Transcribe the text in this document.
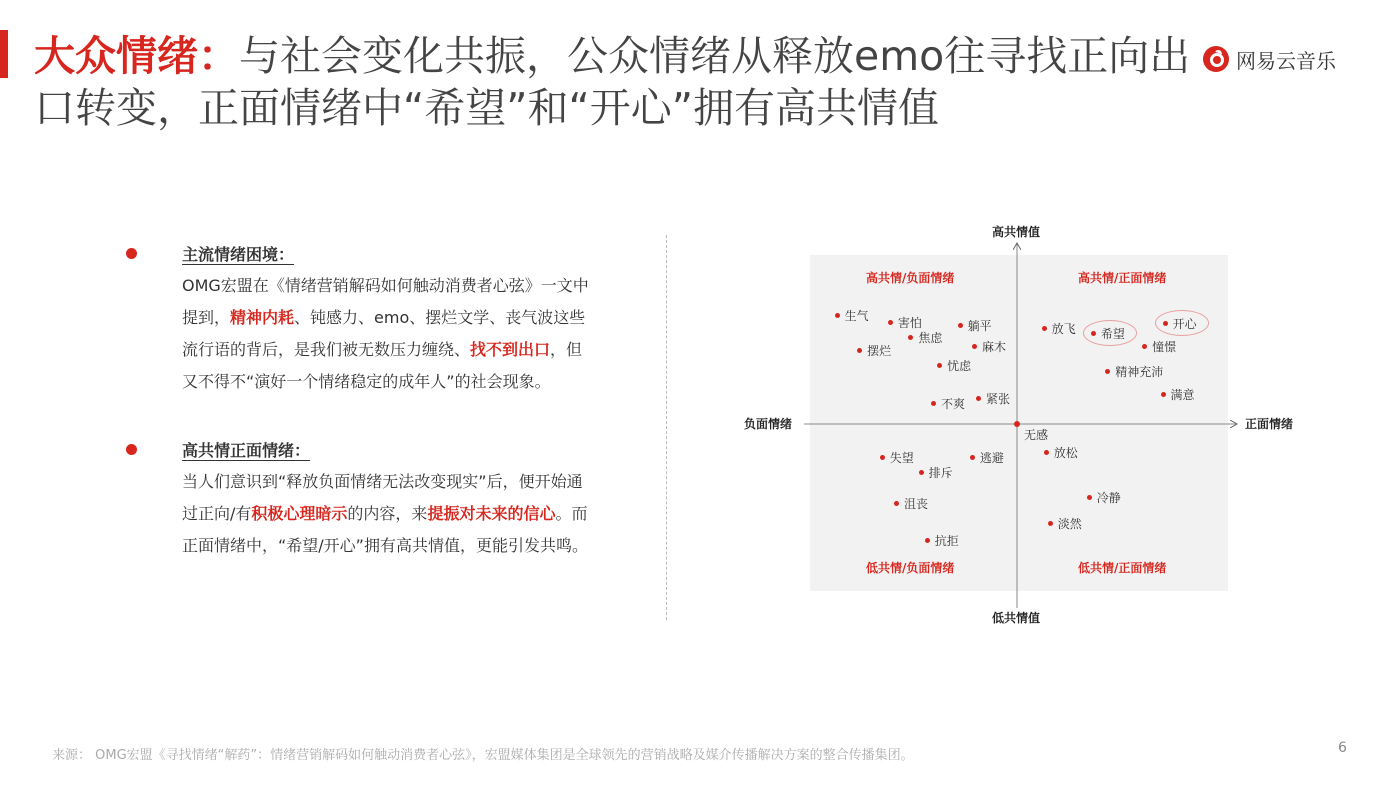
大众情绪：与社会变化共振，公众情绪从释放emo往寻找正向出口转变，正面情绪中“希望”和“开心”拥有高共情值
网易云音乐
主流情绪困境：
OMG宏盟在《情绪营销解码如何触动消费者心弦》一文中提到，精神内耗、钝感力、emo、摆烂文学、丧气波这些流行语的背后，是我们被无数压力缠绕、找不到出口，但又不得不“演好一个情绪稳定的成年人”的社会现象。
高共情正面情绪：
当人们意识到“释放负面情绪无法改变现实”后，便开始通过正向/有积极心理暗示的内容，来提振对未来的信心。而正面情绪中，“希望/开心”拥有高共情值，更能引发共鸣。
高共情值
低共情值
负面情绪	正面情绪
高共情/负面情绪	高共情/正面情绪
低共情/负面情绪	低共情/正面情绪
无感
生气 害怕	躺平
焦虑
摆烂	麻木
忧虑
紧张
不爽
放飞 希望
开心
憧憬
精神充沛
满意
失望	逃避
排斥
放松
沮丧	冷静
淡然
抗拒
来源： OMG宏盟《寻找情绪“解药”：情绪营销解码如何触动消费者心弦》，宏盟媒体集团是全球领先的营销战略及媒介传播解决方案的整合传播集团。	6
